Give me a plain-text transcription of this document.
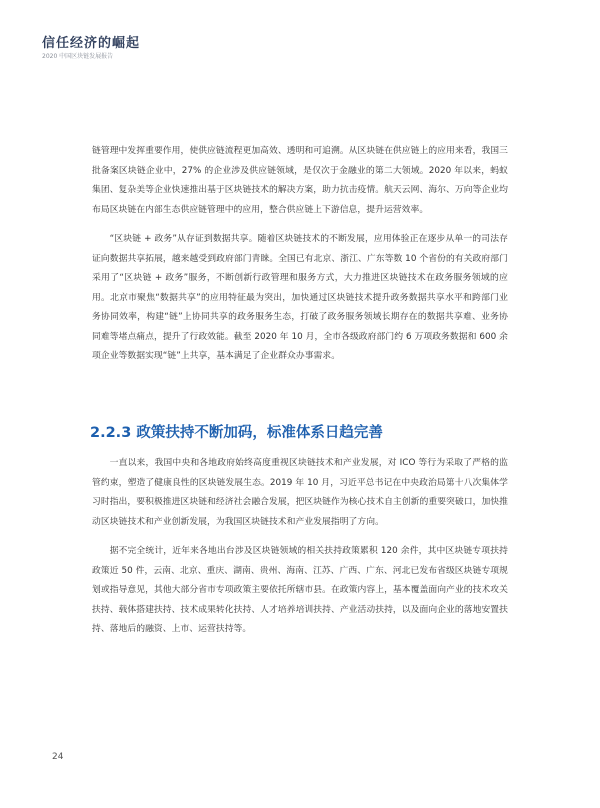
信任经济的崛起
2020 中国区块链发展报告

链管理中发挥重要作用，使供应链流程更加高效、透明和可追溯。从区块链在供应链上的应用来看，我国三批备案区块链企业中，27% 的企业涉及供应链领域，是仅次于金融业的第二大领域。2020 年以来，蚂蚁集团、复杂美等企业快速推出基于区块链技术的解决方案，助力抗击疫情。航天云网、海尔、万向等企业均布局区块链在内部生态供应链管理中的应用，整合供应链上下游信息，提升运营效率。

“区块链 + 政务”从存证到数据共享。随着区块链技术的不断发展，应用体验正在逐步从单一的司法存证向数据共享拓展，越来越受到政府部门青睐。全国已有北京、浙江、广东等数 10 个省份的有关政府部门采用了“区块链 + 政务”服务，不断创新行政管理和服务方式，大力推进区块链技术在政务服务领域的应用。北京市聚焦“数据共享”的应用特征最为突出，加快通过区块链技术提升政务数据共享水平和跨部门业务协同效率，构建“链”上协同共享的政务服务生态，打破了政务服务领域长期存在的数据共享难、业务协同难等堵点痛点，提升了行政效能。截至 2020 年 10 月，全市各级政府部门约 6 万项政务数据和 600 余项企业等数据实现“链”上共享，基本满足了企业群众办事需求。

2.2.3 政策扶持不断加码，标准体系日趋完善

一直以来，我国中央和各地政府始终高度重视区块链技术和产业发展，对 ICO 等行为采取了严格的监管约束，塑造了健康良性的区块链发展生态。2019 年 10 月，习近平总书记在中央政治局第十八次集体学习时指出，要积极推进区块链和经济社会融合发展，把区块链作为核心技术自主创新的重要突破口，加快推动区块链技术和产业创新发展，为我国区块链技术和产业发展指明了方向。

据不完全统计，近年来各地出台涉及区块链领域的相关扶持政策累积 120 余件，其中区块链专项扶持政策近 50 件，云南、北京、重庆、湖南、贵州、海南、江苏、广西、广东、河北已发布省级区块链专项规划或指导意见，其他大部分省市专项政策主要依托所辖市县。在政策内容上，基本覆盖面向产业的技术攻关扶持、载体搭建扶持、技术成果转化扶持、人才培养培训扶持、产业活动扶持，以及面向企业的落地安置扶持、落地后的融资、上市、运营扶持等。

24
